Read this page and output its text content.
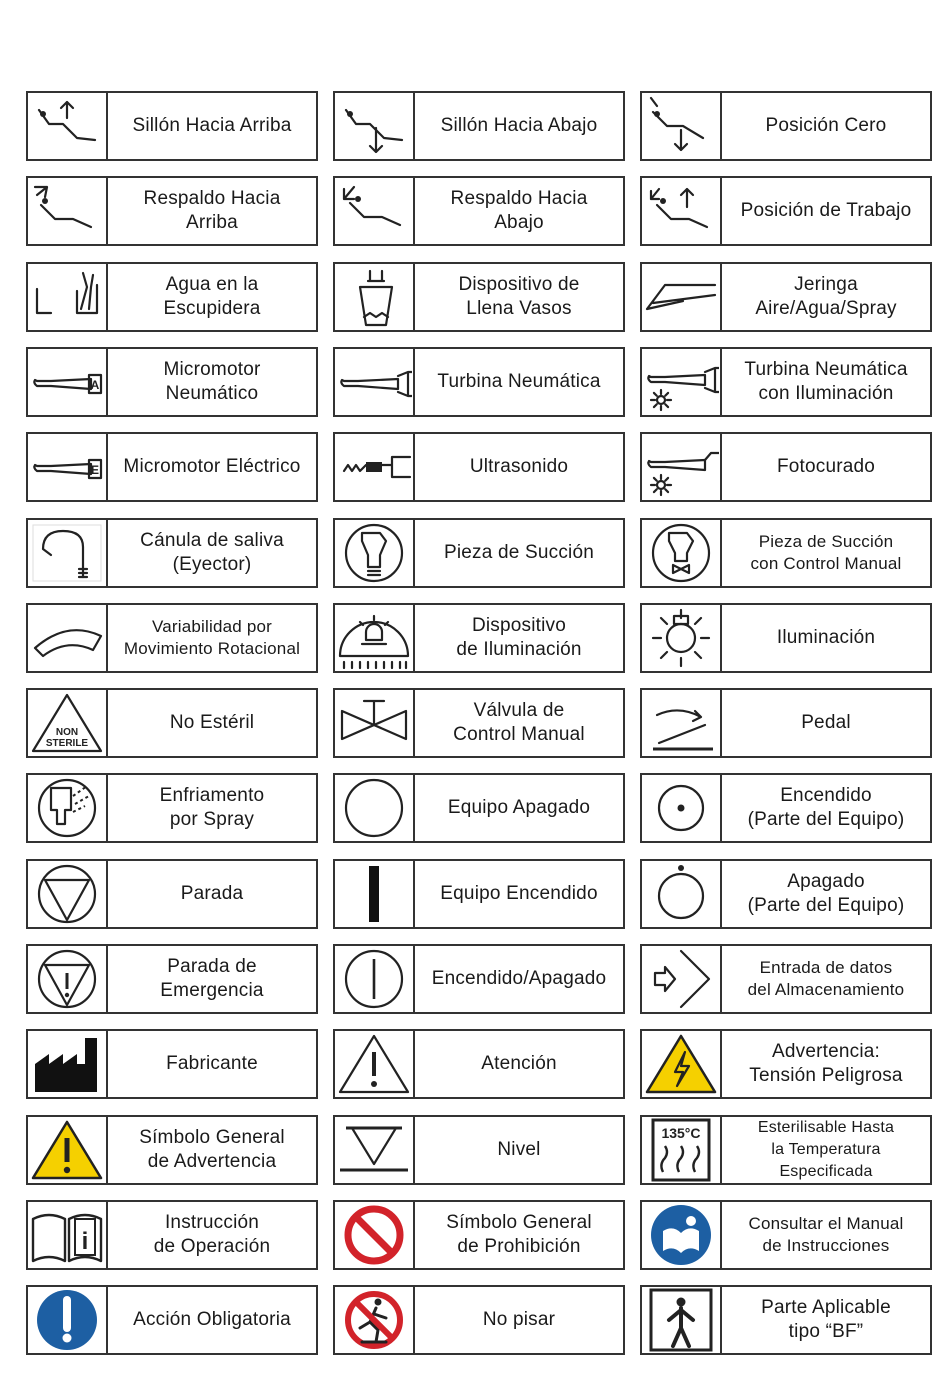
Sillón Hacia Arriba	Sillón Hacia Abajo	Posición Cero
Respaldo Hacia
Arriba
Respaldo Hacia
Abajo
Posición de Trabajo
Agua en la
Escupidera
Dispositivo de
Llena Vasos
Jeringa
Aire/Agua/Spray
A
Micromotor
Neumático
Turbina Neumática
Turbina Neumática
con Iluminación
E	Micromotor Eléctrico	Ultrasonido	Fotocurado
Cánula de saliva
(Eyector)
Pieza de Succión
Pieza de Succión
con Control Manual
Variabilidad por
Movimiento Rotacional
Dispositivo
de Iluminación
Iluminación
NON
STERILE
No Estéril
Válvula de
Control Manual
Pedal
Enfriamento
por Spray
Equipo Apagado
Encendido
(Parte del Equipo)
Parada	Equipo Encendido
Apagado
(Parte del Equipo)
Parada de
Emergencia
Encendido/Apagado
Entrada de datos
del Almacenamiento
Fabricante	Atención
Advertencia:
Tensión Peligrosa
Símbolo General
de Advertencia
Nivel
135°C	Esterilisable Hasta
la Temperatura
Especificada
i
Instrucción
de Operación
Símbolo General
de Prohibición
Consultar el Manual
de Instrucciones
Acción Obligatoria	No pisar
Parte Aplicable
tipo “BF”
